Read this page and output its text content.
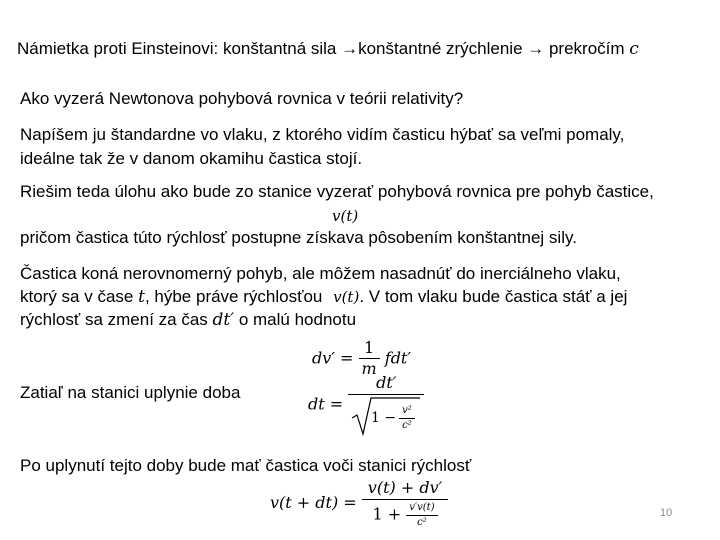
Námietka proti Einsteinovi: konštantná sila →konštantné zrýchlenie → prekročím c
Ako vyzerá Newtonova pohybová rovnica v teórii relativity?
Napíšem ju štandardne vo vlaku, z ktorého vidím časticu hýbať sa veľmi pomaly,
ideálne tak že v danom okamihu častica stojí.
Riešim teda úlohu ako bude zo stanice vyzerať pohybová rovnica pre pohyb častice,
v(t)
pričom častica túto rýchlosť postupne získava pôsobením konštantnej sily.
Častica koná nerovnomerný pohyb, ale môžem nasadnúť do inerciálneho vlaku,
ktorý sa v čase t, hýbe práve rýchlosťou v(t). V tom vlaku bude častica stáť a jej
rýchlosť sa zmení za čas dt′ o malú hodnotu
$dv' = \frac{1}{m} fdt'$
Zatiaľ na stanici uplynie doba
dt =
dt′
$1 - \frac{\text{v²}}{\text{c²}}$
Po uplynutí tejto doby bude mať častica voči stanici rýchlosť
$v(t + dt) = \frac{v(t) + dv'}{1 + \frac{v'v(t)}{\text{c²}}}$	10
